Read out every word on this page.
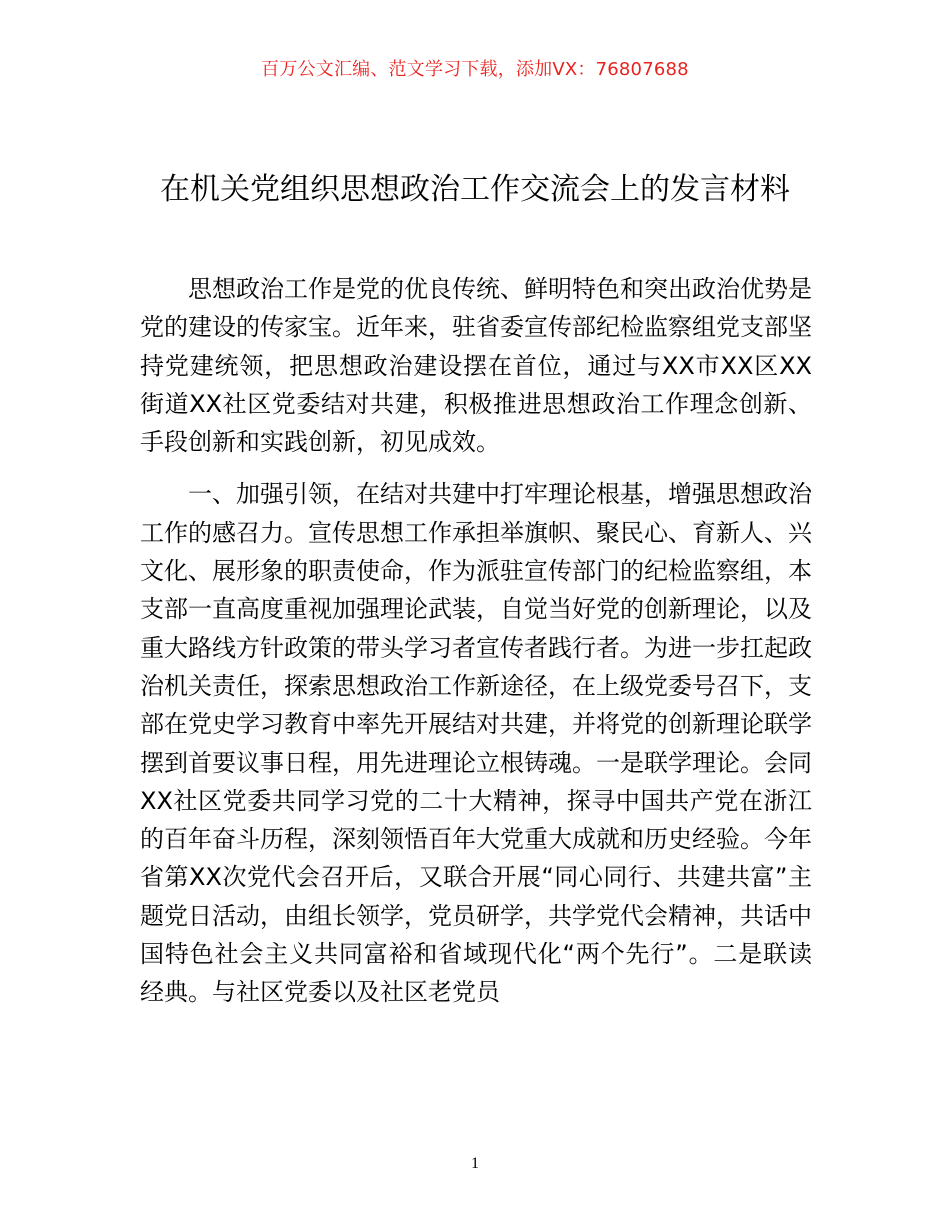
百万公文汇编、范文学习下载，添加VX：76807688
在机关党组织思想政治工作交流会上的发言材料

思想政治工作是党的优良传统、鲜明特色和突出政治优势是党的建设的传家宝。近年来，驻省委宣传部纪检监察组党支部坚持党建统领，把思想政治建设摆在首位，通过与XX市XX区XX街道XX社区党委结对共建，积极推进思想政治工作理念创新、手段创新和实践创新，初见成效。

一、加强引领，在结对共建中打牢理论根基，增强思想政治工作的感召力。宣传思想工作承担举旗帜、聚民心、育新人、兴文化、展形象的职责使命，作为派驻宣传部门的纪检监察组，本支部一直高度重视加强理论武装，自觉当好党的创新理论，以及重大路线方针政策的带头学习者宣传者践行者。为进一步扛起政治机关责任，探索思想政治工作新途径，在上级党委号召下，支部在党史学习教育中率先开展结对共建，并将党的创新理论联学摆到首要议事日程，用先进理论立根铸魂。一是联学理论。会同XX社区党委共同学习党的二十大精神，探寻中国共产党在浙江的百年奋斗历程，深刻领悟百年大党重大成就和历史经验。今年省第XX次党代会召开后，又联合开展“同心同行、共建共富”主题党日活动，由组长领学，党员研学，共学党代会精神，共话中国特色社会主义共同富裕和省域现代化“两个先行”。二是联读经典。与社区党委以及社区老党员

1
